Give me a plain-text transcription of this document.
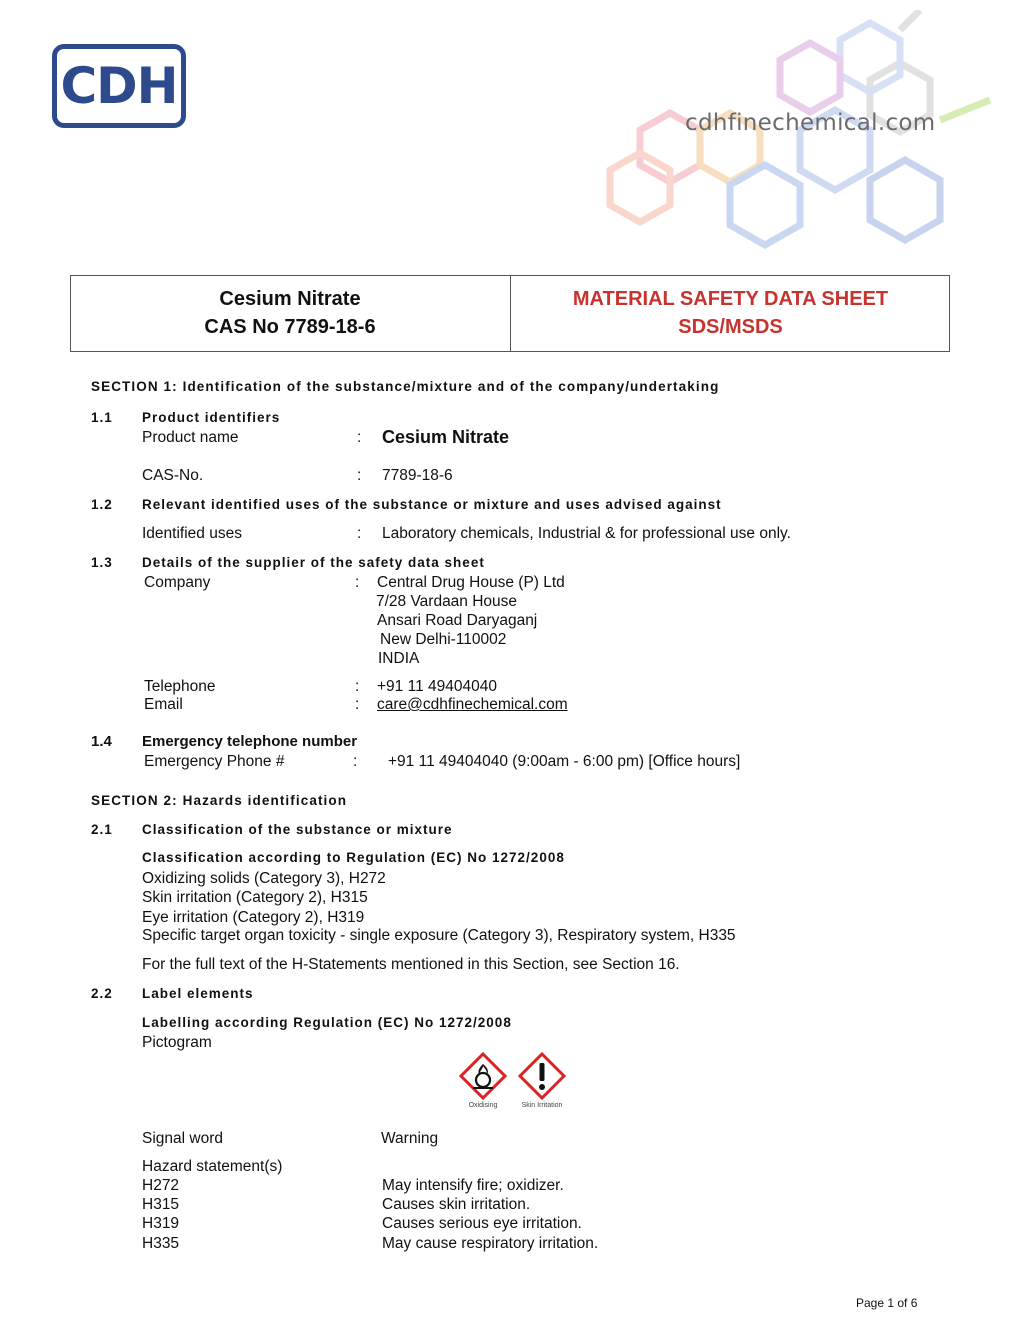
CDH
cdhfinechemical.com
Cesium Nitrate
CAS No 7789-18-6
MATERIAL SAFETY DATA SHEET
SDS/MSDS
SECTION 1: Identification of the substance/mixture and of the company/undertaking
1.1 Product identifiers
Product name	: Cesium Nitrate
CAS-No.	: 7789-18-6
1.2 Relevant identified uses of the substance or mixture and uses advised against
Identified uses	: Laboratory chemicals, Industrial & for professional use only.
1.3 Details of the supplier of the safety data sheet
Company	: Central Drug House (P) Ltd
7/28 Vardaan House
Ansari Road Daryaganj
New Delhi-110002
INDIA
Telephone	: +91 11 49404040
Email	: care@cdhfinechemical.com
1.4 Emergency telephone number
Emergency Phone #	: +91 11 49404040 (9:00am - 6:00 pm) [Office hours]
SECTION 2: Hazards identification
2.1 Classification of the substance or mixture
Classification according to Regulation (EC) No 1272/2008
Oxidizing solids (Category 3), H272
Skin irritation (Category 2), H315
Eye irritation (Category 2), H319
Specific target organ toxicity - single exposure (Category 3), Respiratory system, H335
For the full text of the H-Statements mentioned in this Section, see Section 16.
2.2 Label elements
Labelling according Regulation (EC) No 1272/2008
Pictogram
Oxidising	Skin Irritation
Signal word	Warning
Hazard statement(s)
H272	May intensify fire; oxidizer.
H315	Causes skin irritation.
H319	Causes serious eye irritation.
H335	May cause respiratory irritation.
Page 1 of 6
